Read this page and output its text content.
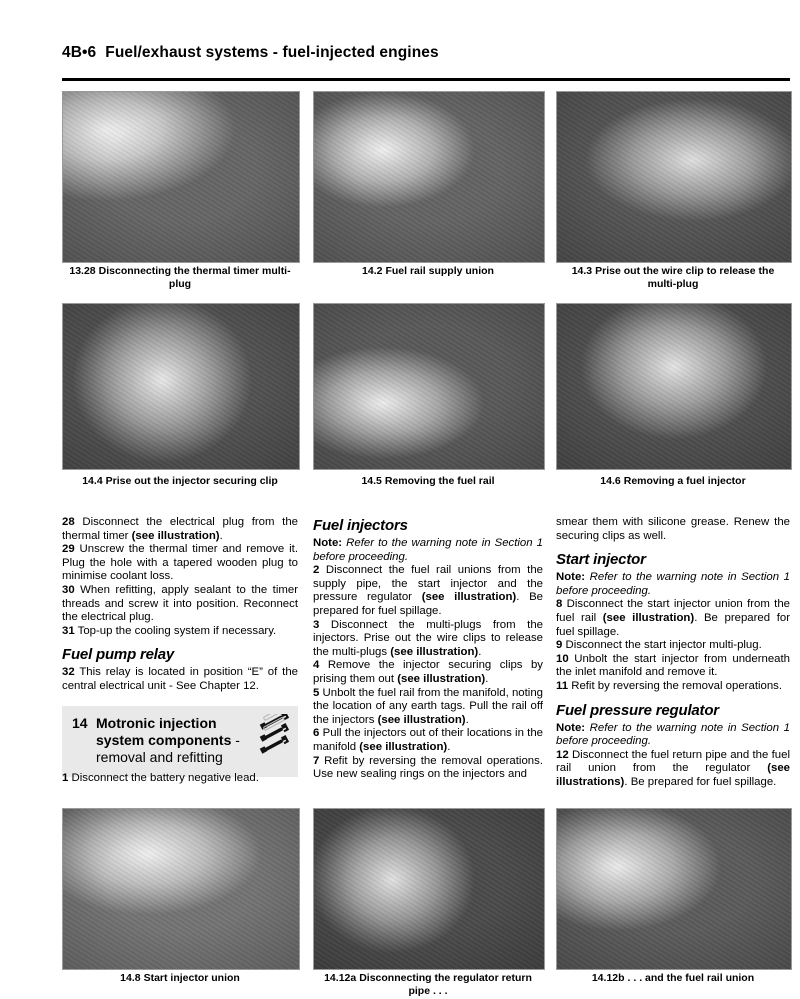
4B•6 Fuel/exhaust systems - fuel-injected engines
13.28 Disconnecting the thermal timer multi-plug
14.2 Fuel rail supply union	14.3 Prise out the wire clip to release the multi-plug
14.4 Prise out the injector securing clip	14.5 Removing the fuel rail	14.6 Removing a fuel injector

28 Disconnect the electrical plug from the thermal timer (see illustration).

29 Unscrew the thermal timer and remove it. Plug the hole with a tapered wooden plug to minimise coolant loss.

30 When refitting, apply sealant to the timer threads and screw it into position. Reconnect the electrical plug.

31 Top-up the cooling system if necessary.

Fuel pump relay

32 This relay is located in position “E” of the central electrical unit - See Chapter 12.

14 Motronic injection system components - removal and refitting

1 Disconnect the battery negative lead.

Fuel injectors

Note: Refer to the warning note in Section 1 before proceeding.

2 Disconnect the fuel rail unions from the supply pipe, the start injector and the pressure regulator (see illustration). Be prepared for fuel spillage.

3 Disconnect the multi-plugs from the injectors. Prise out the wire clips to release the multi-plugs (see illustration).

4 Remove the injector securing clips by prising them out (see illustration).

5 Unbolt the fuel rail from the manifold, noting the location of any earth tags. Pull the rail off the injectors (see illustration).

6 Pull the injectors out of their locations in the manifold (see illustration).

7 Refit by reversing the removal operations. Use new sealing rings on the injectors and

smear them with silicone grease. Renew the securing clips as well.

Start injector

Note: Refer to the warning note in Section 1 before proceeding.

8 Disconnect the start injector union from the fuel rail (see illustration). Be prepared for fuel spillage.

9 Disconnect the start injector multi-plug.

10 Unbolt the start injector from underneath the inlet manifold and remove it.

11 Refit by reversing the removal operations.

Fuel pressure regulator

Note: Refer to the warning note in Section 1 before proceeding.

12 Disconnect the fuel return pipe and the fuel rail union from the regulator (see illustrations). Be prepared for fuel spillage.

14.8 Start injector union	14.12a Disconnecting the regulator return pipe . . .
14.12b . . . and the fuel rail union
